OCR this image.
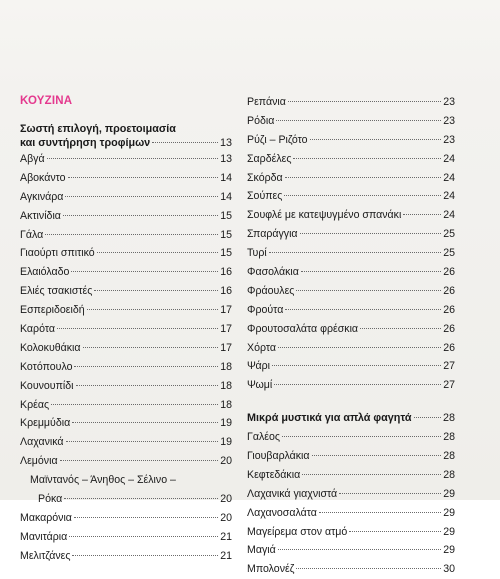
ΚΟΥΖΙΝΑ
Σωστή επιλογή, προετοιμασία
και συντήρηση τροφίμων	13
Αβγά	13
Αβοκάντο	14
Αγκινάρα	14
Ακτινίδια	15
Γάλα	15
Γιαούρτι σπιτικό	15
Ελαιόλαδο	16
Ελιές τσακιστές	16
Εσπεριδοειδή	17
Καρότα	17
Κολοκυθάκια	17
Κοτόπουλο	18
Κουνουπίδι	18
Κρέας	18
Κρεμμύδια	19
Λαχανικά	19
Λεμόνια	20
Μαϊντανός – Άνηθος – Σέλινο –
Ρόκα	20
Μακαρόνια	20
Μανιτάρια	21
Μελιτζάνες	21
Ρεπάνια	23
Ρόδια	23
Ρύζι – Ριζότο	23
Σαρδέλες	24
Σκόρδα	24
Σούπες	24
Σουφλέ με κατεψυγμένο σπανάκι	24
Σπαράγγια	25
Τυρί	25
Φασολάκια	26
Φράουλες	26
Φρούτα	26
Φρουτοσαλάτα φρέσκια	26
Χόρτα	26
Ψάρι	27
Ψωμί	27
Μικρά μυστικά για απλά φαγητά	28
Γαλέος	28
Γιουβαρλάκια	28
Κεφτεδάκια	28
Λαχανικά γιαχνιστά	29
Λαχανοσαλάτα	29
Μαγείρεμα στον ατμό	29
Μαγιά	29
Μπολονέζ	30
